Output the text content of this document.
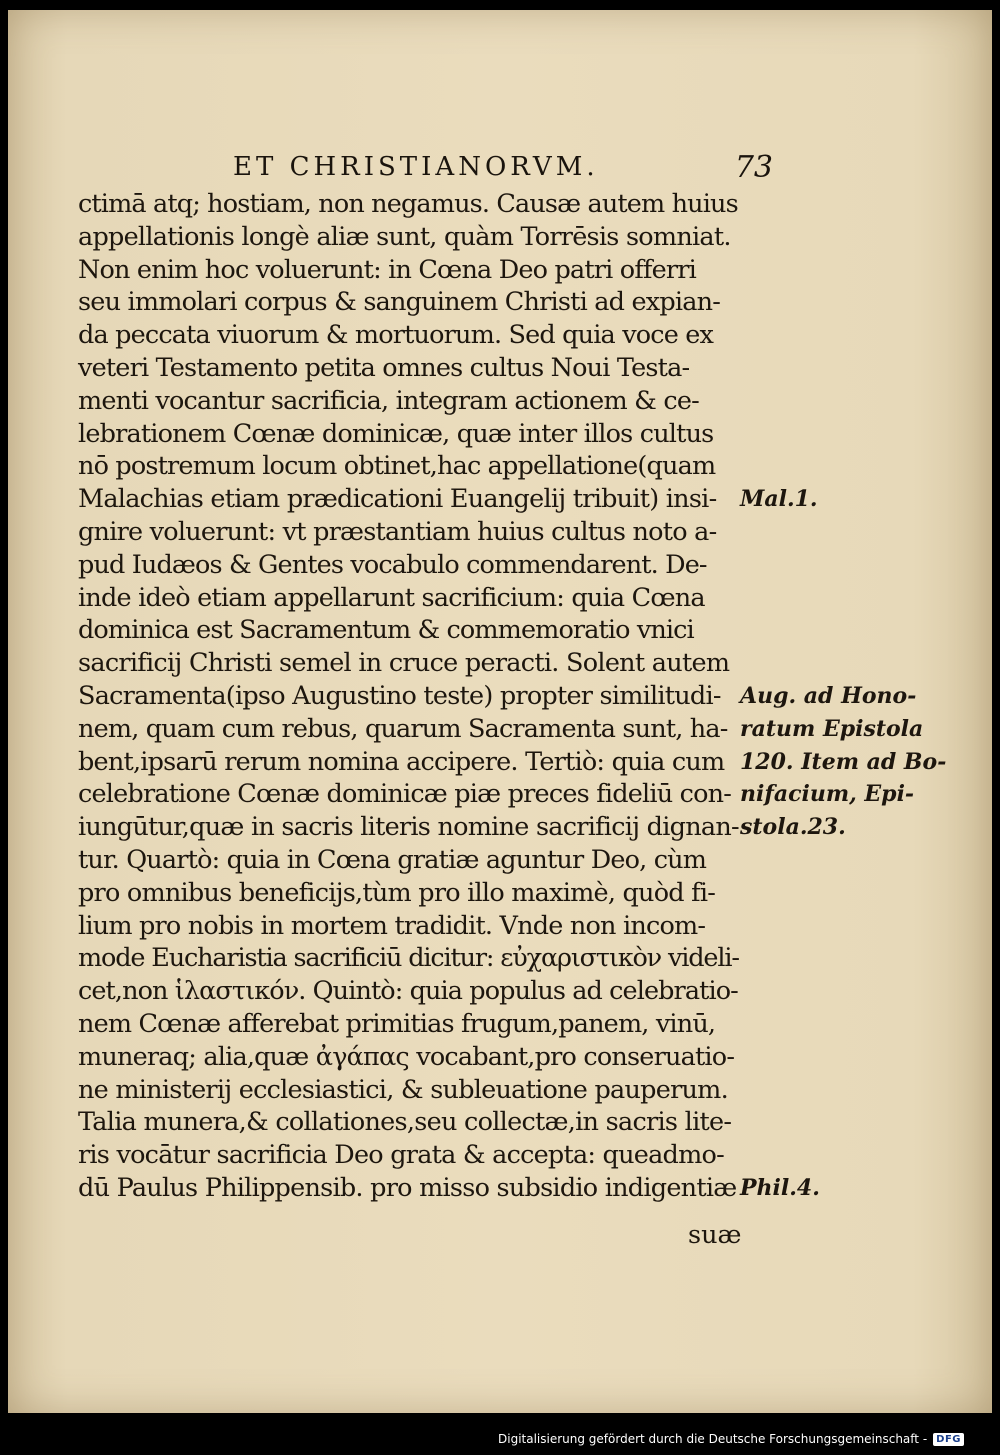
ET CHRISTIANORVM.	73
ctimā atq; hostiam, non negamus. Causæ autem huius
appellationis longè aliæ sunt, quàm Torrēsis somniat.
Non enim hoc voluerunt: in Cœna Deo patri offerri
seu immolari corpus & sanguinem Christi ad expian-
da peccata viuorum & mortuorum. Sed quia voce ex
veteri Testamento petita omnes cultus Noui Testa-
menti vocantur sacrificia, integram actionem & ce-
lebrationem Cœnæ dominicæ, quæ inter illos cultus
nō postremum locum obtinet,hac appellatione(quam
Malachias etiam prædicationi Euangelij tribuit) insi-
gnire voluerunt: vt præstantiam huius cultus noto a-
pud Iudæos & Gentes vocabulo commendarent. De-
inde ideò etiam appellarunt sacrificium: quia Cœna
dominica est Sacramentum & commemoratio vnici
sacrificij Christi semel in cruce peracti. Solent autem
Sacramenta(ipso Augustino teste) propter similitudi-
nem, quam cum rebus, quarum Sacramenta sunt, ha-
bent,ipsarū rerum nomina accipere. Tertiò: quia cum
celebratione Cœnæ dominicæ piæ preces fideliū con-
iungūtur,quæ in sacris literis nomine sacrificij dignan-
tur. Quartò: quia in Cœna gratiæ aguntur Deo, cùm
pro omnibus beneficijs,tùm pro illo maximè, quòd fi-
lium pro nobis in mortem tradidit. Vnde non incom-
mode Eucharistia sacrificiū dicitur: εὐχαριστικὸν videli-
cet,non ἱλαστικόν. Quintò: quia populus ad celebratio-
nem Cœnæ afferebat primitias frugum,panem, vinū,
muneraq; alia,quæ ἀγάπας vocabant,pro conseruatio-
ne ministerij ecclesiastici, & subleuatione pauperum.
Talia munera,& collationes,seu collectæ,in sacris lite-
ris vocātur sacrificia Deo grata & accepta: queadmo-
dū Paulus Philippensib. pro misso subsidio indigentiæ
Mal.1.
Aug. ad Hono-
ratum Epistola
120. Item ad Bo-
nifacium, Epi-
stola.23.
Phil.4.
suæ
Digitalisierung gefördert durch die Deutsche Forschungsgemeinschaft - DFG
